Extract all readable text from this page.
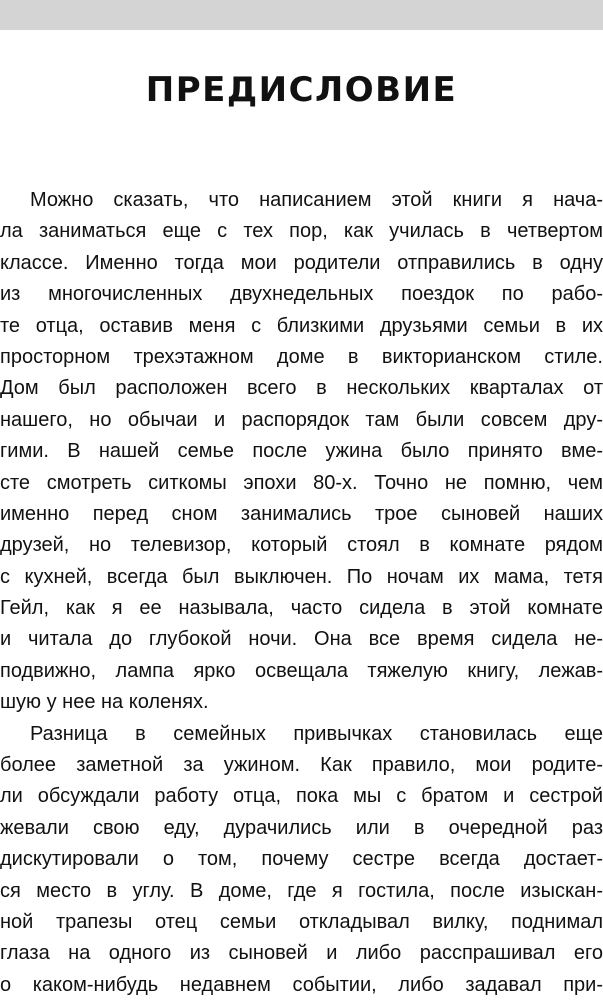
ПРЕДИСЛОВИЕ
Можно сказать, что написанием этой книги я нача-
ла заниматься еще с тех пор, как училась в четвертом
классе. Именно тогда мои родители отправились в одну
из многочисленных двухнедельных поездок по рабо-
те отца, оставив меня с близкими друзьями семьи в их
просторном трехэтажном доме в викторианском стиле.
Дом был расположен всего в нескольких кварталах от
нашего, но обычаи и распорядок там были совсем дру-
гими. В нашей семье после ужина было принято вме-
сте смотреть ситкомы эпохи 80-х. Точно не помню, чем
именно перед сном занимались трое сыновей наших
друзей, но телевизор, который стоял в комнате рядом
с кухней, всегда был выключен. По ночам их мама, тетя
Гейл, как я ее называла, часто сидела в этой комнате
и читала до глубокой ночи. Она все время сидела не-
подвижно, лампа ярко освещала тяжелую книгу, лежав-
шую у нее на коленях.
Разница в семейных привычках становилась еще
более заметной за ужином. Как правило, мои родите-
ли обсуждали работу отца, пока мы с братом и сестрой
жевали свою еду, дурачились или в очередной раз
дискутировали о том, почему сестре всегда достает-
ся место в углу. В доме, где я гостила, после изыскан-
ной трапезы отец семьи откладывал вилку, поднимал
глаза на одного из сыновей и либо расспрашивал его
о каком-нибудь недавнем событии, либо задавал при-
